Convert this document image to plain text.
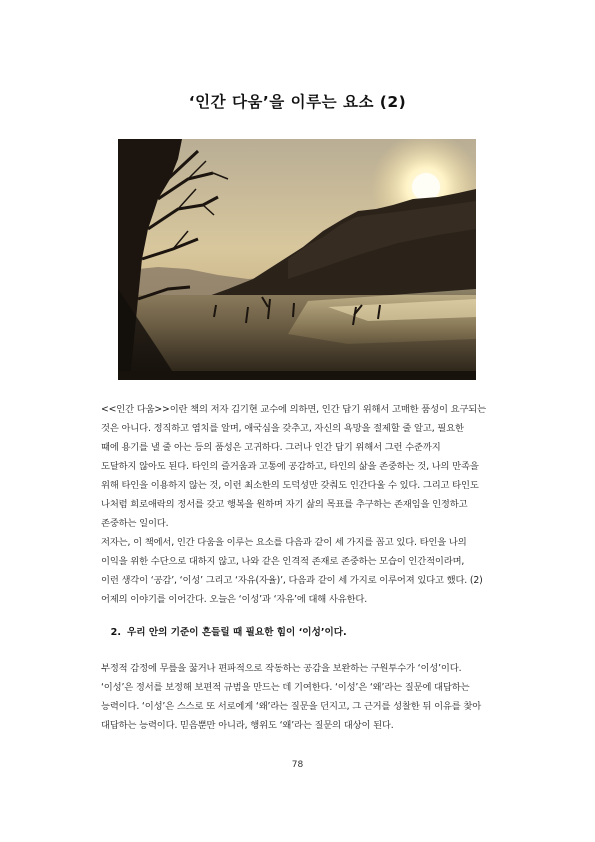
‘인간 다움’을 이루는 요소 (2)
<<인간 다움>>이란 책의 저자 김기현 교수에 의하면, 인간 답기 위해서 고매한 품성이 요구되는
것은 아니다. 정직하고 염치를 알며, 애국심을 갖추고, 자신의 욕망을 절제할 줄 알고, 필요한
때에 용기를 낼 줄 아는 등의 품성은 고귀하다. 그러나 인간 답기 위해서 그런 수준까지
도달하지 않아도 된다. 타인의 즐거움과 고통에 공감하고, 타인의 삶을 존중하는 것, 나의 만족을
위해 타인을 이용하지 않는 것, 이런 최소한의 도덕성만 갖춰도 인간다울 수 있다. 그리고 타인도
나처럼 희로애락의 정서를 갖고 행복을 원하며 자기 삶의 목표를 추구하는 존재임을 인정하고
존중하는 일이다.
저자는, 이 책에서, 인간 다움을 이루는 요소를 다음과 같이 세 가지를 꼽고 있다. 타인을 나의
이익을 위한 수단으로 대하지 않고, 나와 같은 인격적 존재로 존중하는 모습이 인간적이라며,
이런 생각이 ‘공감’, ‘이성’ 그리고 ‘자유(자율)’, 다음과 같이 세 가지로 이루어져 있다고 했다. (2)
어제의 이야기를 이어간다. 오늘은 ‘이성’과 ‘자유’에 대해 사유한다.
2. 우리 안의 기준이 흔들릴 때 필요한 힘이 ‘이성’이다.
부정적 감정에 무릎을 꿇거나 편파적으로 작동하는 공감을 보완하는 구원투수가 ‘이성’이다.
‘이성’은 정서를 보정해 보편적 규범을 만드는 데 기여한다. ‘이성’은 ‘왜’라는 질문에 대답하는
능력이다. ‘이성’은 스스로 또 서로에게 ‘왜’라는 질문을 던지고, 그 근거를 성찰한 뒤 이유를 찾아
대답하는 능력이다. 믿음뿐만 아니라, 행위도 ‘왜’라는 질문의 대상이 된다.
78
